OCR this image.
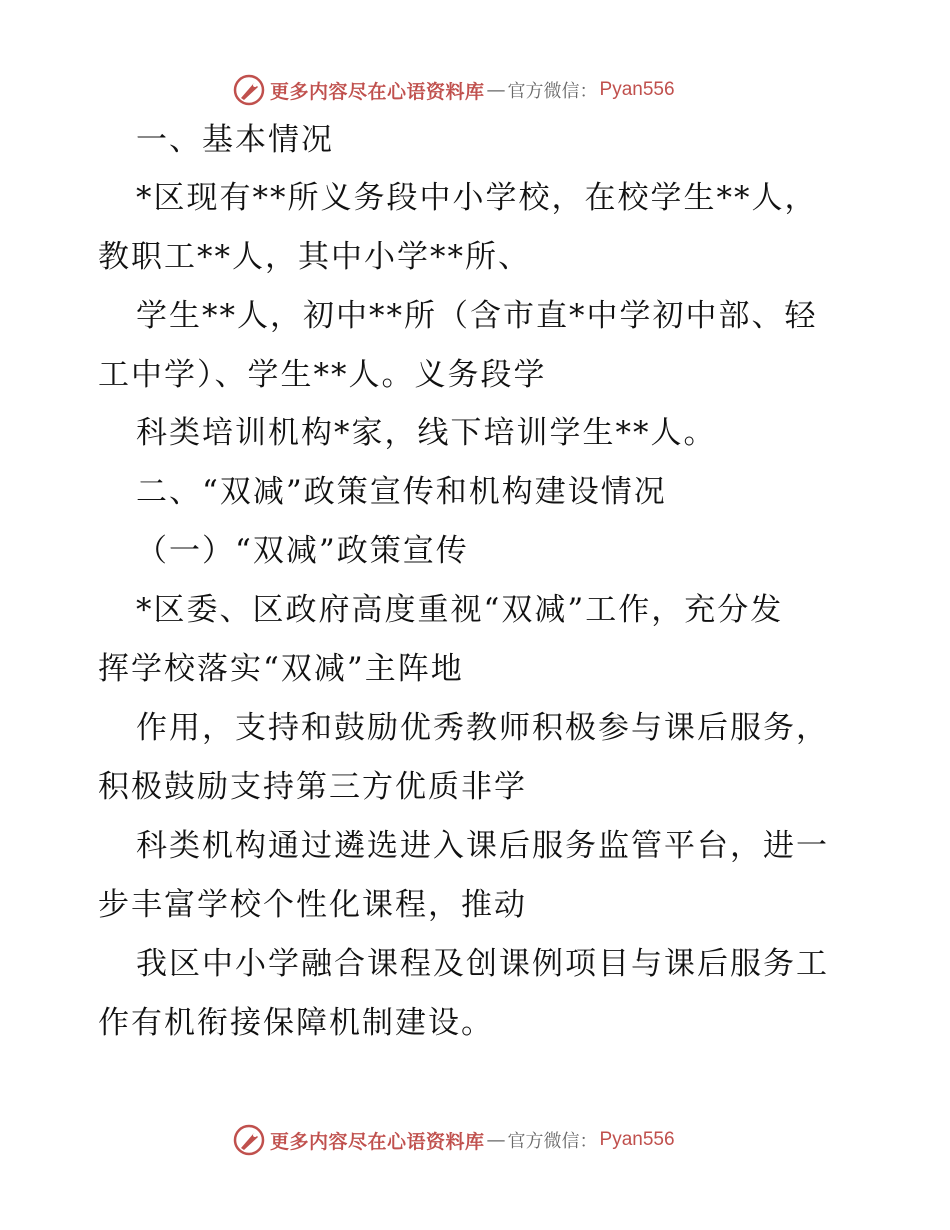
更多内容尽在心语资料库 — 官方微信： Pyan556
一、基本情况
*区现有**所义务段中小学校，在校学生**人，
教职工**人，其中小学**所、
学生**人，初中**所（含市直*中学初中部、轻
工中学）、学生**人。义务段学
科类培训机构*家，线下培训学生**人。
二、“双减”政策宣传和机构建设情况
（一）“双减”政策宣传
*区委、区政府高度重视“双减”工作，充分发
挥学校落实“双减”主阵地
作用，支持和鼓励优秀教师积极参与课后服务，
积极鼓励支持第三方优质非学
科类机构通过遴选进入课后服务监管平台，进一
步丰富学校个性化课程，推动
我区中小学融合课程及创课例项目与课后服务工
作有机衔接保障机制建设。
更多内容尽在心语资料库 — 官方微信： Pyan556
